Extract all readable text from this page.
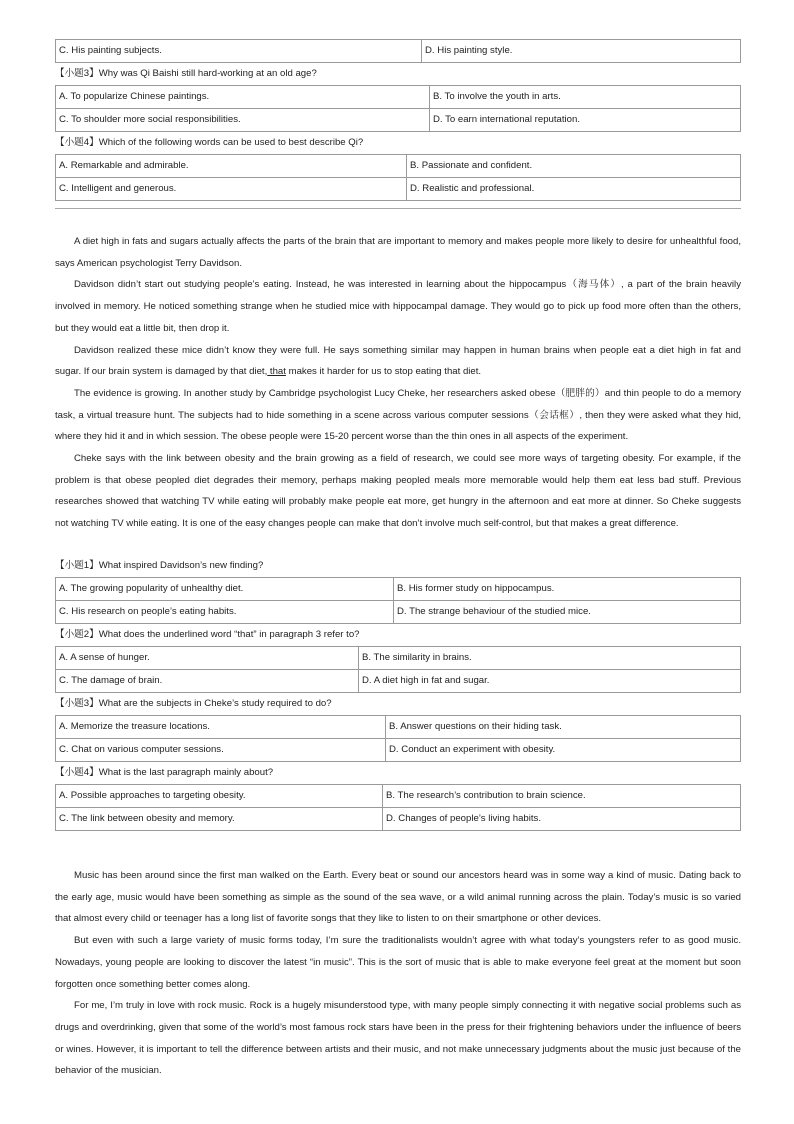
C. His painting subjects.	D. His painting style.
【小题3】Why was Qi Baishi still hard-working at an old age?
A. To popularize Chinese paintings.	B. To involve the youth in arts.
C. To shoulder more social responsibilities.	D. To earn international reputation.
【小题4】Which of the following words can be used to best describe Qi?
A. Remarkable and admirable.	B. Passionate and confident.
C. Intelligent and generous.	D. Realistic and professional.

A diet high in fats and sugars actually affects the parts of the brain that are important to memory and makes people more likely to desire for unhealthful food, says American psychologist Terry Davidson.

Davidson didn’t start out studying people’s eating. Instead, he was interested in learning about the hippocampus（海马体）, a part of the brain heavily involved in memory. He noticed something strange when he studied mice with hippocampal damage. They would go to pick up food more often than the others, but they would eat a little bit, then drop it.

Davidson realized these mice didn’t know they were full. He says something similar may happen in human brains when people eat a diet high in fat and sugar. If our brain system is damaged by that diet, that makes it harder for us to stop eating that diet.

The evidence is growing. In another study by Cambridge psychologist Lucy Cheke, her researchers asked obese（肥胖的）and thin people to do a memory task, a virtual treasure hunt. The subjects had to hide something in a scene across various computer sessions（会话框）, then they were asked what they hid, where they hid it and in which session. The obese people were 15-20 percent worse than the thin ones in all aspects of the experiment.

Cheke says with the link between obesity and the brain growing as a field of research, we could see more ways of targeting obesity. For example, if the problem is that obese peopled diet degrades their memory, perhaps making peopled meals more memorable would help them eat less bad stuff. Previous researches showed that watching TV while eating will probably make people eat more, get hungry in the afternoon and eat more at dinner. So Cheke suggests not watching TV while eating. It is one of the easy changes people can make that don’t involve much self-control, but that makes a great difference.

【小题1】What inspired Davidson’s new finding?
A. The growing popularity of unhealthy diet.	B. His former study on hippocampus.
C. His research on people’s eating habits.	D. The strange behaviour of the studied mice.
【小题2】What does the underlined word “that” in paragraph 3 refer to?
A. A sense of hunger.	B. The similarity in brains.
C. The damage of brain.	D. A diet high in fat and sugar.
【小题3】What are the subjects in Cheke’s study required to do?
A. Memorize the treasure locations.	B. Answer questions on their hiding task.
C. Chat on various computer sessions.	D. Conduct an experiment with obesity.
【小题4】What is the last paragraph mainly about?
A. Possible approaches to targeting obesity.	B. The research’s contribution to brain science.
C. The link between obesity and memory.	D. Changes of people’s living habits.

Music has been around since the first man walked on the Earth. Every beat or sound our ancestors heard was in some way a kind of music. Dating back to the early age, music would have been something as simple as the sound of the sea wave, or a wild animal running across the plain. Today’s music is so varied that almost every child or teenager has a long list of favorite songs that they like to listen to on their smartphone or other devices.

But even with such a large variety of music forms today, I’m sure the traditionalists wouldn’t agree with what today’s youngsters refer to as good music. Nowadays, young people are looking to discover the latest “in music”. This is the sort of music that is able to make everyone feel great at the moment but soon forgotten once something better comes along.

For me, I’m truly in love with rock music. Rock is a hugely misunderstood type, with many people simply connecting it with negative social problems such as drugs and overdrinking, given that some of the world’s most famous rock stars have been in the press for their frightening behaviors under the influence of beers or wines. However, it is important to tell the difference between artists and their music, and not make unnecessary judgments about the music just because of the behavior of the musician.
